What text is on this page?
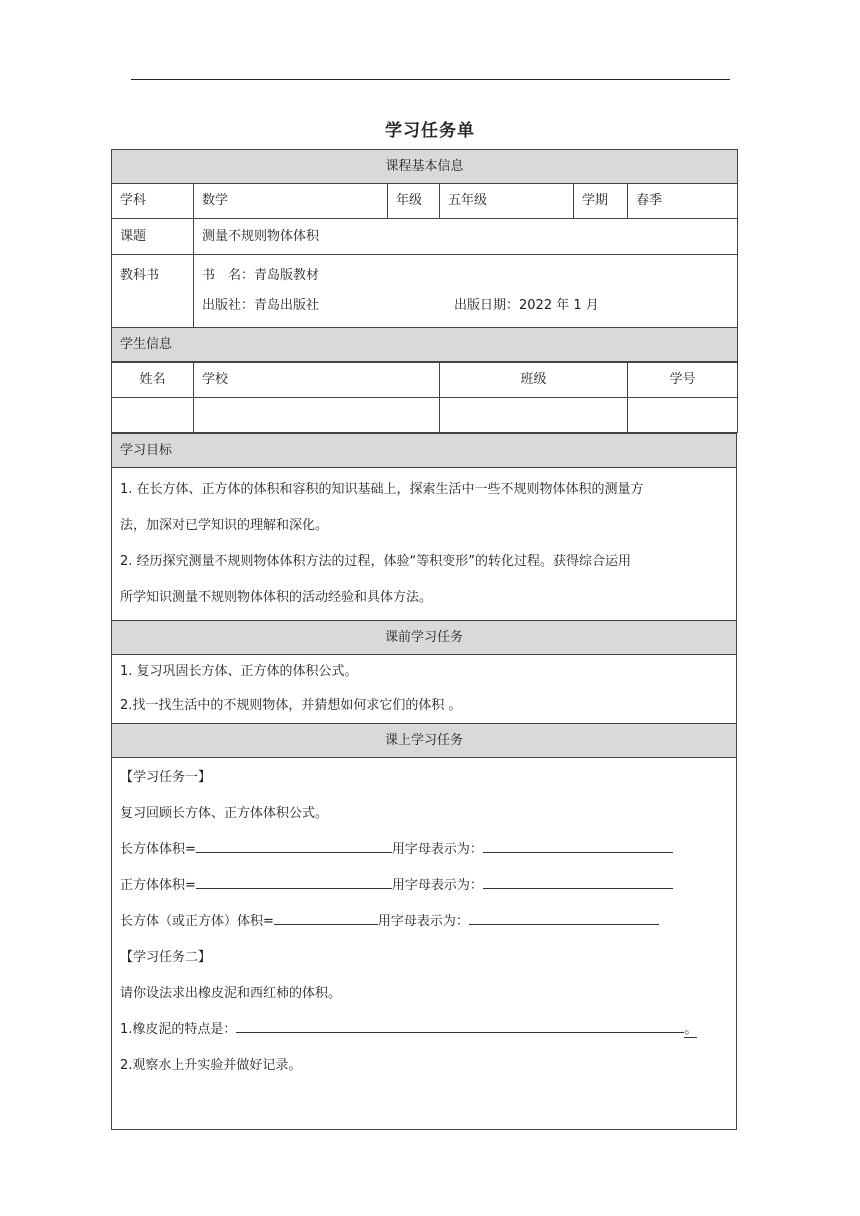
学习任务单
课程基本信息					
学科	数学	年级	五年级	学期	春季
课题	测量不规则物体体积				

教科书	书　名：青岛版教材
出版社：青岛出版社 出版日期：2022 年 1 月				

学生信息					
姓名	学校	班级	学号

学习目标

1. 在长方体、正方体的体积和容积的知识基础上，探索生活中一些不规则物体体积的测量方
法，加深对已学知识的理解和深化。
2. 经历探究测量不规则物体体积方法的过程，体验“等积变形”的转化过程。获得综合运用
所学知识测量不规则物体体积的活动经验和具体方法。

课前学习任务

1. 复习巩固长方体、正方体的体积公式。
2.找一找生活中的不规则物体，并猜想如何求它们的体积 。

课上学习任务

【学习任务一】
复习回顾长方体、正方体体积公式。
长方体体积=	用字母表示为：
正方体体积=	用字母表示为：
长方体（或正方体）体积=	用字母表示为：
【学习任务二】
请你设法求出橡皮泥和西红柿的体积。
1.橡皮泥的特点是：	。
2.观察水上升实验并做好记录。
